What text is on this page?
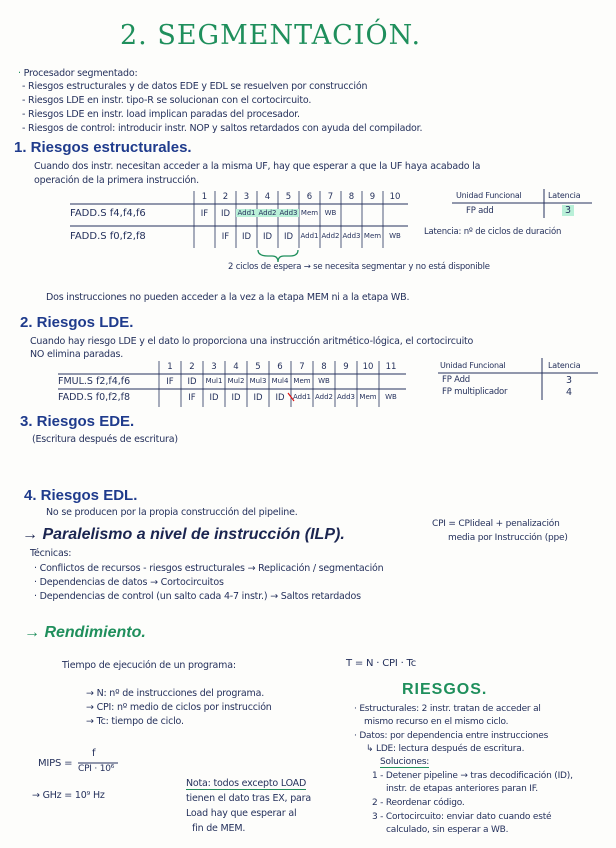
2. SEGMENTACIÓN.
· Procesador segmentado:
- Riesgos estructurales y de datos EDE y EDL se resuelven por construcción
- Riesgos LDE en instr. tipo-R se solucionan con el cortocircuito.
- Riesgos LDE en instr. load implican paradas del procesador.
- Riesgos de control: introducir instr. NOP y saltos retardados con ayuda del compilador.
1. Riesgos estructurales.
Cuando dos instr. necesitan acceder a la misma UF, hay que esperar a que la UF haya acabado la
operación de la primera instrucción.
1	2	3	4	5	6	7	8	9	10
FADD.S f4,f4,f6	IF	ID	Add1 Add2 Add3 Mem WB
FADD.S f0,f2,f8	IF	ID	ID	ID	Add1 Add2 Add3 Mem	WB
2 ciclos de espera → se necesita segmentar y no está disponible
Unidad Funcional	Latencia
FP add	3
Latencia: nº de ciclos de duración
Dos instrucciones no pueden acceder a la vez a la etapa MEM ni a la etapa WB.
2. Riesgos LDE.
Cuando hay riesgo LDE y el dato lo proporciona una instrucción aritmético-lógica, el cortocircuito
NO elimina paradas.
1	2	3	4	5	6	7	8	9	10	11
FMUL.S f2,f4,f6	IF	ID	Mul1 Mul2 Mul3 Mul4 Mem	WB
FADD.S f0,f2,f8	IF	ID	ID	ID	ID	Add1 Add2 Add3 Mem	WB
Unidad Funcional	Latencia
FP Add	3
FP multiplicador	4
3. Riesgos EDE.
(Escritura después de escritura)
4. Riesgos EDL.
No se producen por la propia construcción del pipeline.
→ Paralelismo a nivel de instrucción (ILP).
CPI = CPIideal + penalización
media por Instrucción (ppe)
Técnicas:
· Conflictos de recursos - riesgos estructurales → Replicación / segmentación
· Dependencias de datos → Cortocircuitos
· Dependencias de control (un salto cada 4-7 instr.) → Saltos retardados
→ Rendimiento.
Tiempo de ejecución de un programa:	T = N · CPI · Tc
→ N: nº de instrucciones del programa.
→ CPI: nº medio de ciclos por instrucción
→ Tc: tiempo de ciclo.
MIPS =
f
CPI · 10⁶
→ GHz = 10⁹ Hz
Nota: todos excepto LOAD
tienen el dato tras EX, para
Load hay que esperar al
fin de MEM.
RIESGOS.
· Estructurales: 2 instr. tratan de acceder al
mismo recurso en el mismo ciclo.
· Datos: por dependencia entre instrucciones
↳ LDE: lectura después de escritura.
Soluciones:
1 - Detener pipeline → tras decodificación (ID),
instr. de etapas anteriores paran IF.
2 - Reordenar código.
3 - Cortocircuito: enviar dato cuando esté
calculado, sin esperar a WB.
